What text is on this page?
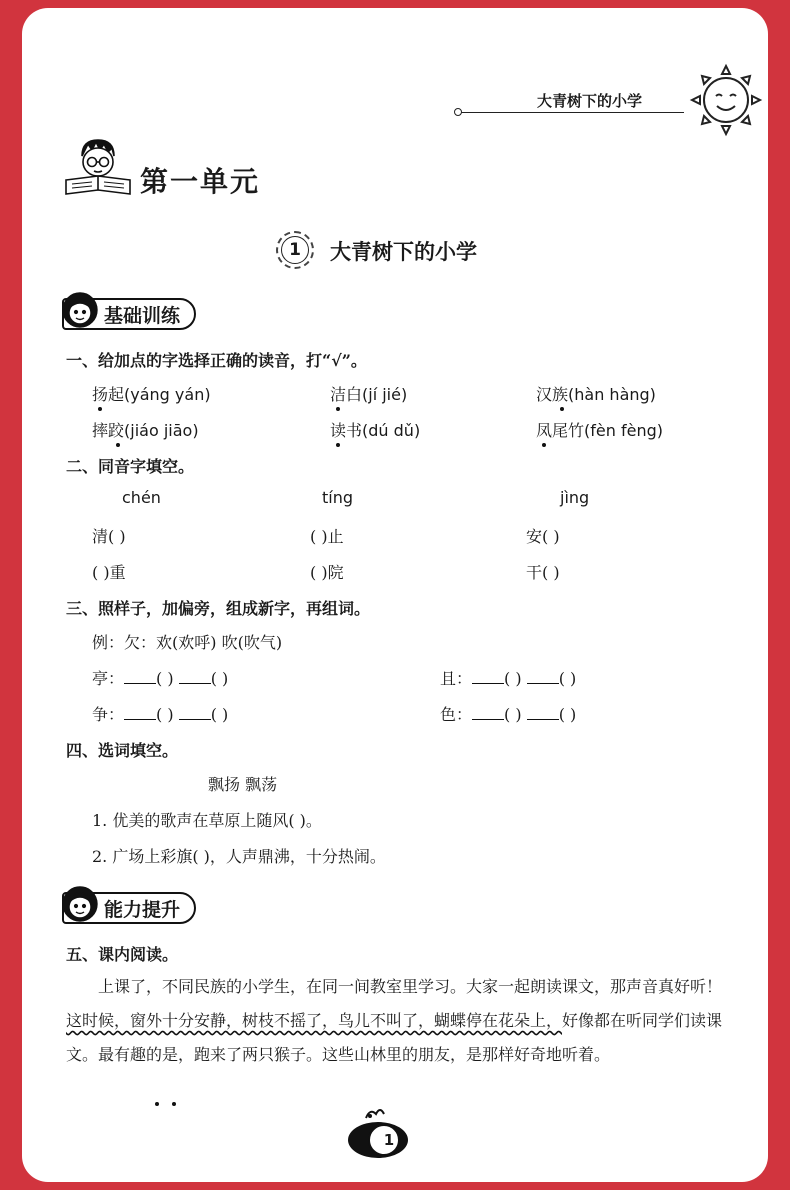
大青树下的小学
第一单元
1	大青树下的小学
基础训练
一、给加点的字选择正确的读音，打“√”。
扬起(yáng yán)	洁白(jí jié)	汉族(hàn hàng)
摔跤(jiáo jiāo)	读书(dú dǔ)	凤尾竹(fèn fèng)
二、同音字填空。
chén	tíng	jìng
清( )	( )止	安( )
( )重	( )院	干( )
三、照样子，加偏旁，组成新字，再组词。
例：欠：欢(欢呼) 吹(吹气)
亭： ( ) ( )	且： ( ) ( )
争： ( ) ( )	色： ( ) ( )
四、选词填空。
飘扬 飘荡
1. 优美的歌声在草原上随风( )。
2. 广场上彩旗( )，人声鼎沸，十分热闹。
能力提升
五、课内阅读。
上课了，不同民族的小学生，在同一间教室里学习。大家一起朗读课文，那声音真好听！这时候，窗外十分安静，树枝不摇了，鸟儿不叫了，蝴蝶停在花朵上，好像都在听同学们读课文。最有趣的是，跑来了两只猴子。这些山林里的朋友，是那样好奇地听着。
1
